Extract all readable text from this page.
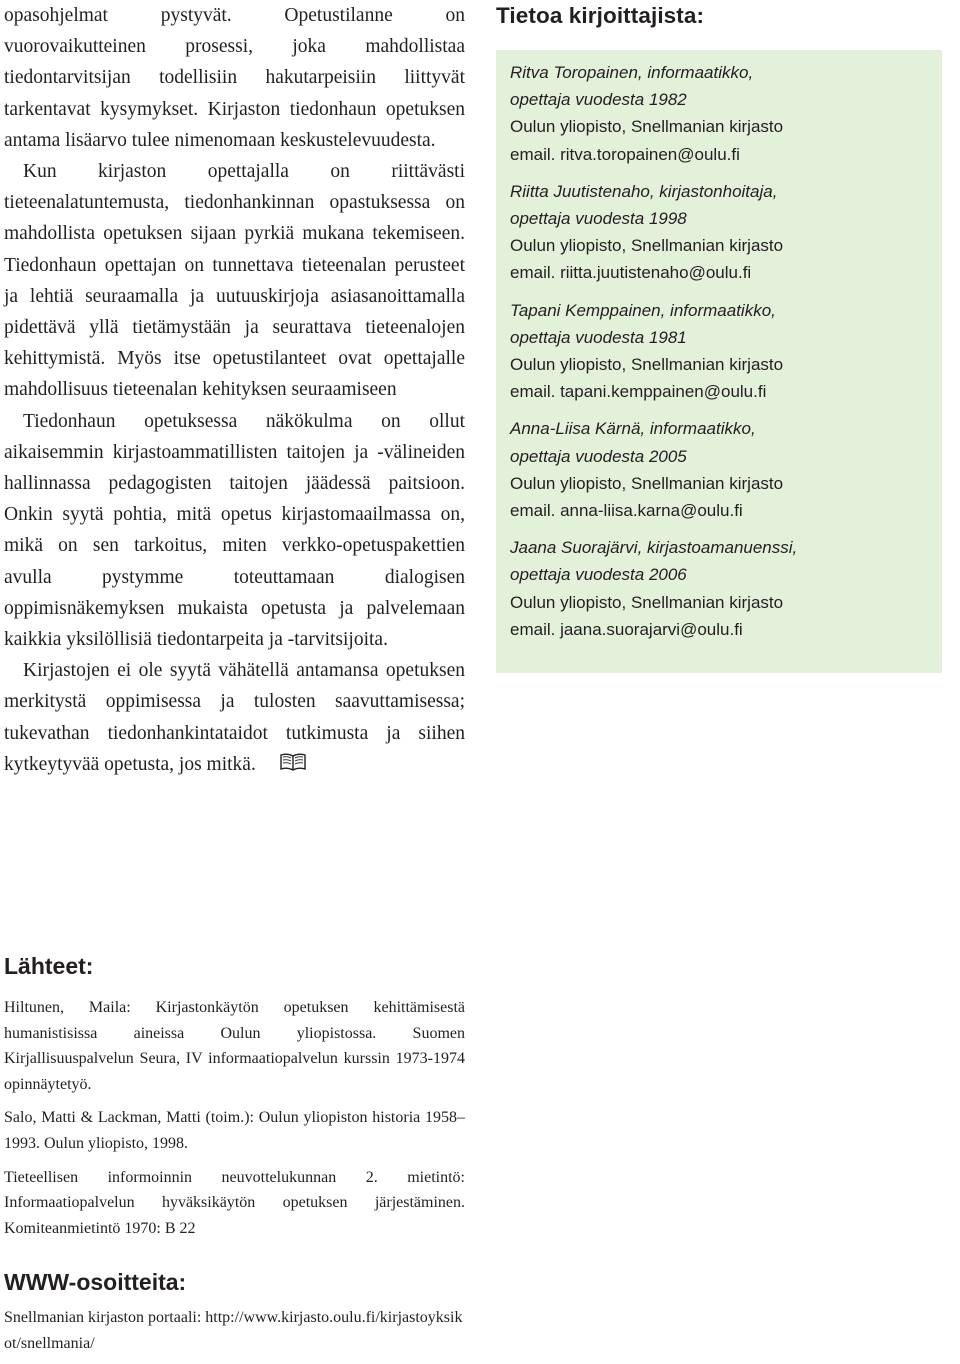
opasohjelmat pystyvät. Opetustilanne on vuorovaikutteinen prosessi, joka mahdollistaa tiedontarvitsijan todellisiin hakutarpeisiin liittyvät tarkentavat kysymykset. Kirjaston tiedonhaun opetuksen antama lisäarvo tulee nimenomaan keskustelevuudesta.

Kun kirjaston opettajalla on riittävästi tieteenalatuntemusta, tiedonhankinnan opastuksessa on mahdollista opetuksen sijaan pyrkiä mukana tekemiseen. Tiedonhaun opettajan on tunnettava tieteenalan perusteet ja lehtiä seuraamalla ja uutuuskirjoja asiasanoittamalla pidettävä yllä tietämystään ja seurattava tieteenalojen kehittymistä. Myös itse opetustilanteet ovat opettajalle mahdollisuus tieteenalan kehityksen seuraamiseen

Tiedonhaun opetuksessa näkökulma on ollut aikaisemmin kirjastoammatillisten taitojen ja -välineiden hallinnassa pedagogisten taitojen jäädessä paitsioon. Onkin syytä pohtia, mitä opetus kirjastomaailmassa on, mikä on sen tarkoitus, miten verkko-opetuspakettien avulla pystymme toteuttamaan dialogisen oppimisnäkemyksen mukaista opetusta ja palvelemaan kaikkia yksilöllisiä tiedontarpeita ja -tarvitsijoita.

Kirjastojen ei ole syytä vähätellä antamansa opetuksen merkitystä oppimisessa ja tulosten saavuttamisessa; tukevathan tiedonhankintataidot tutkimusta ja siihen kytkeytyvää opetusta, jos mitkä.

Lähteet:

Hiltunen, Maila: Kirjastonkäytön opetuksen kehittämisestä humanistisissa aineissa Oulun yliopistossa. Suomen Kirjallisuuspalvelun Seura, IV informaatiopalvelun kurssin 1973-1974 opinnäytetyö.

Salo, Matti & Lackman, Matti (toim.): Oulun yliopiston historia 1958–1993. Oulun yliopisto, 1998.

Tieteellisen informoinnin neuvottelukunnan 2. mietintö: Informaatiopalvelun hyväksikäytön opetuksen järjestäminen. Komiteanmietintö 1970: B 22

WWW-osoitteita:

Snellmanian kirjaston portaali: http://www.kirjasto.oulu.fi/kirjastoyksikot/snellmania/

Tietoa kirjoittajista:
Ritva Toropainen, informaatikko,
opettaja vuodesta 1982
Oulun yliopisto, Snellmanian kirjasto
email. ritva.toropainen@oulu.fi
Riitta Juutistenaho, kirjastonhoitaja,
opettaja vuodesta 1998
Oulun yliopisto, Snellmanian kirjasto
email. riitta.juutistenaho@oulu.fi
Tapani Kemppainen, informaatikko,
opettaja vuodesta 1981
Oulun yliopisto, Snellmanian kirjasto
email. tapani.kemppainen@oulu.fi
Anna-Liisa Kärnä, informaatikko,
opettaja vuodesta 2005
Oulun yliopisto, Snellmanian kirjasto
email. anna-liisa.karna@oulu.fi
Jaana Suorajärvi, kirjastoamanuenssi,
opettaja vuodesta 2006
Oulun yliopisto, Snellmanian kirjasto
email. jaana.suorajarvi@oulu.fi
